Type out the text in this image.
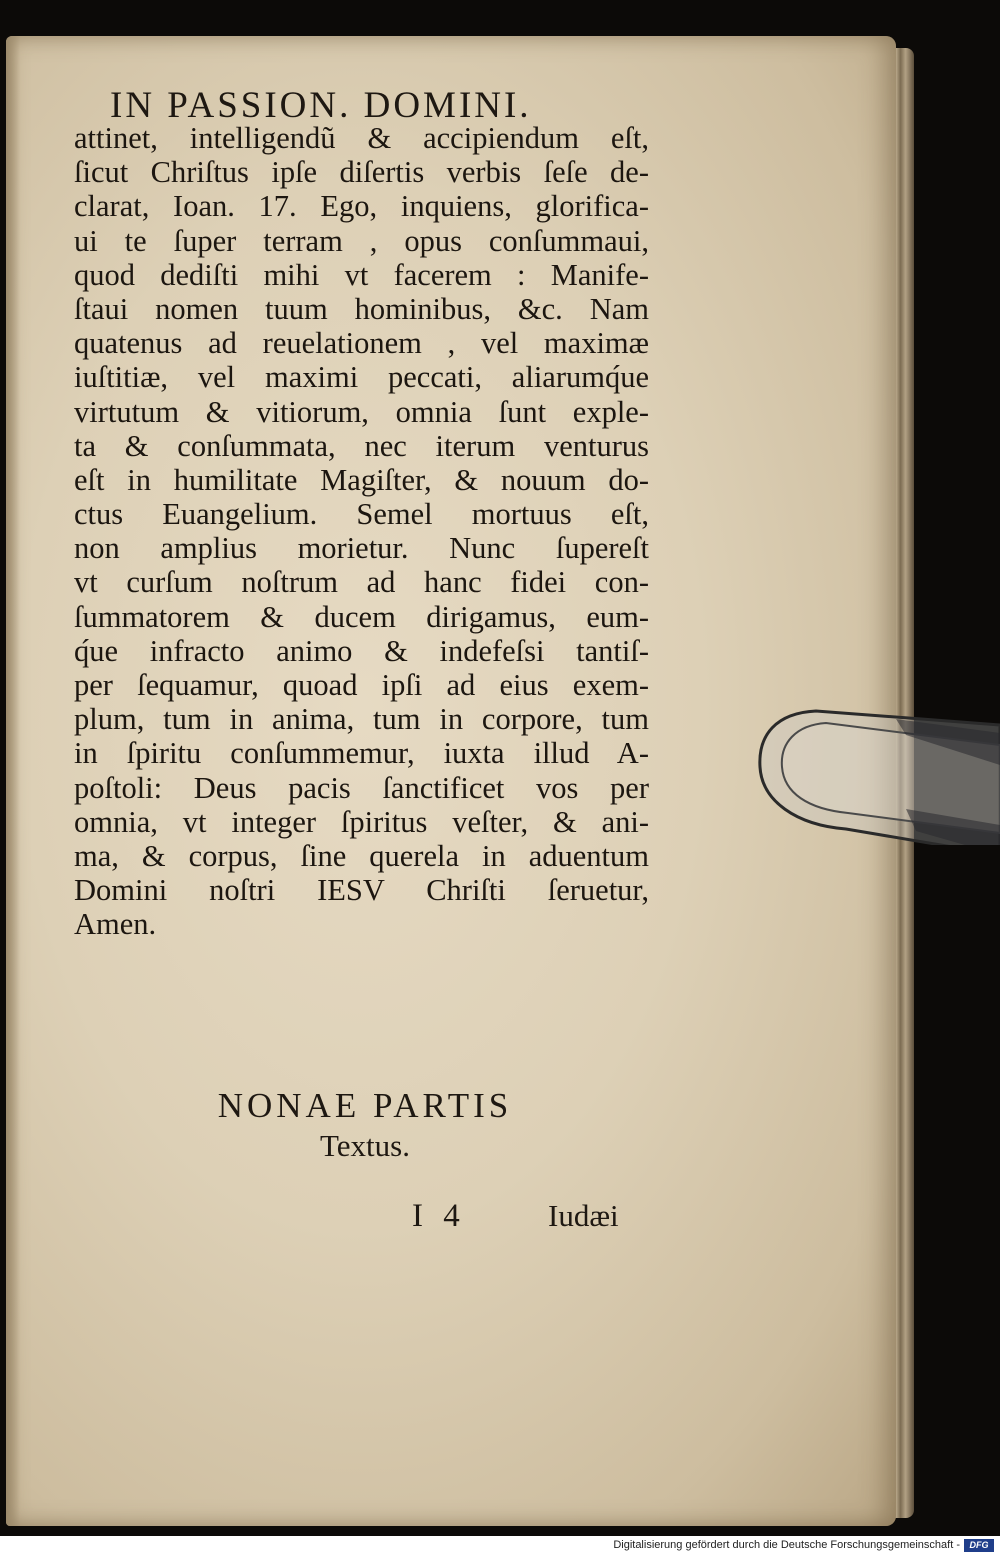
IN PASSION. DOMINI.
attinet, intelligendũ & accipiendum eſt,
ſicut Chriſtus ipſe diſertis verbis ſeſe de-
clarat, Ioan. 17. Ego, inquiens, glorifica-
ui te ſuper terram , opus conſummaui,
quod dediſti mihi vt facerem : Manife-
ſtaui nomen tuum hominibus, &c. Nam
quatenus ad reuelationem , vel maximæ
iuſtitiæ, vel maximi peccati, aliarumq́ue
virtutum & vitiorum, omnia ſunt exple-
ta & conſummata, nec iterum venturus
eſt in humilitate Magiſter, & nouum do-
ctus Euangelium. Semel mortuus eſt,
non amplius morietur. Nunc ſupereſt
vt curſum noſtrum ad hanc fidei con-
ſummatorem & ducem dirigamus, eum-
q́ue infracto animo & indefeſsi tantiſ-
per ſequamur, quoad ipſi ad eius exem-
plum, tum in anima, tum in corpore, tum
in ſpiritu conſummemur, iuxta illud A-
poſtoli: Deus pacis ſanctificet vos per
omnia, vt integer ſpiritus veſter, & ani-
ma, & corpus, ſine querela in aduentum
Domini noſtri IESV Chriſti ſeruetur,
Amen.
NONAE PARTIS
Textus.
I 4	Iudæi
Digitalisierung gefördert durch die Deutsche Forschungsgemeinschaft -	DFG
